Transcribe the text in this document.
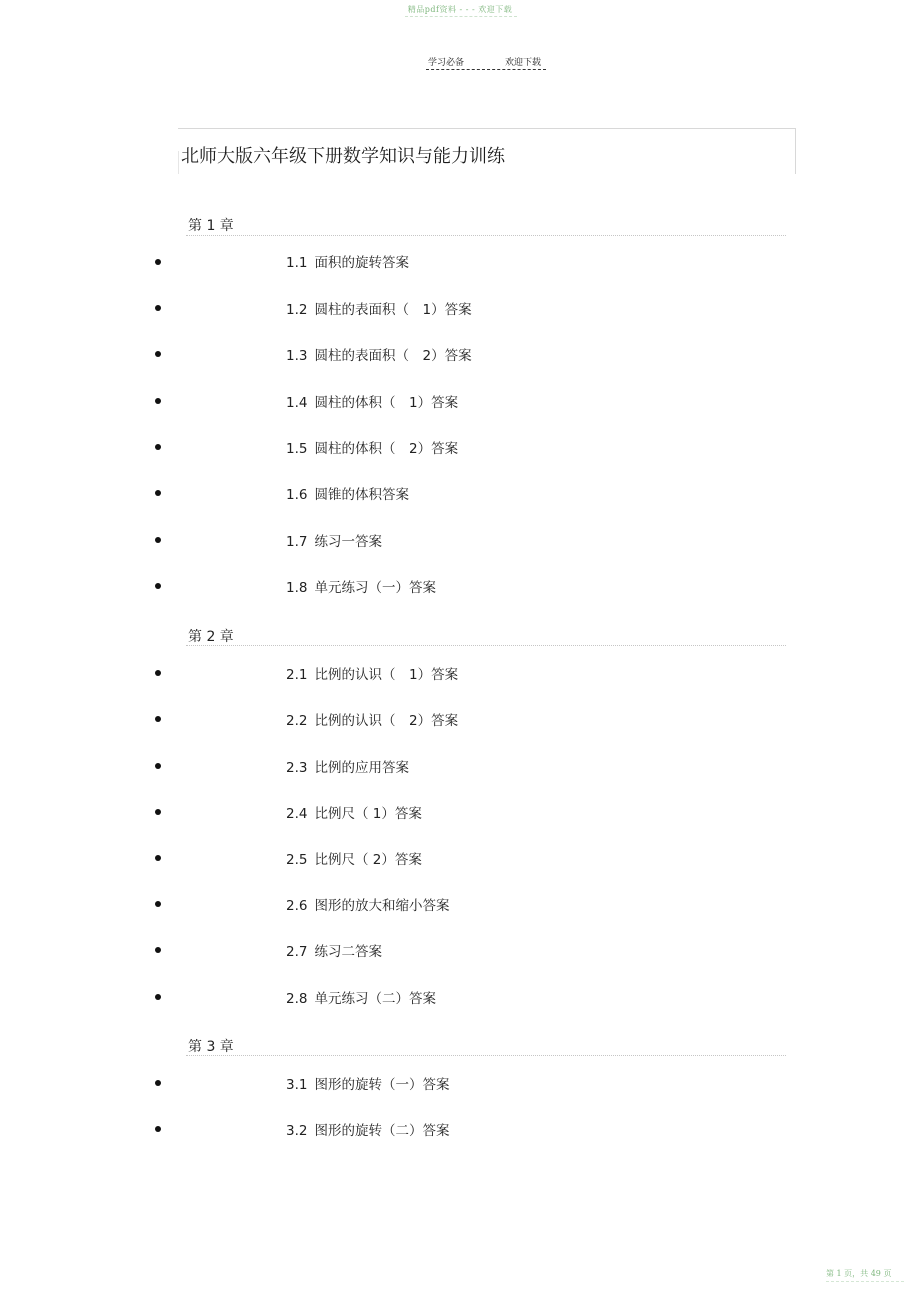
精品pdf资料 - - - 欢迎下载
学习必备	欢迎下载
北师大版六年级下册数学知识与能力训练
第 1 章
1.1 面积的旋转答案
1.2 圆柱的表面积（　1）答案
1.3 圆柱的表面积（　2）答案
1.4 圆柱的体积（　1）答案
1.5 圆柱的体积（　2）答案
1.6 圆锥的体积答案
1.7 练习一答案
1.8 单元练习（一）答案
第 2 章
2.1 比例的认识（　1）答案
2.2 比例的认识（　2）答案
2.3 比例的应用答案
2.4 比例尺（ 1）答案
2.5 比例尺（ 2）答案
2.6 图形的放大和缩小答案
2.7 练习二答案
2.8 单元练习（二）答案
第 3 章
3.1 图形的旋转（一）答案
3.2 图形的旋转（二）答案
第 1 页，共 49 页
